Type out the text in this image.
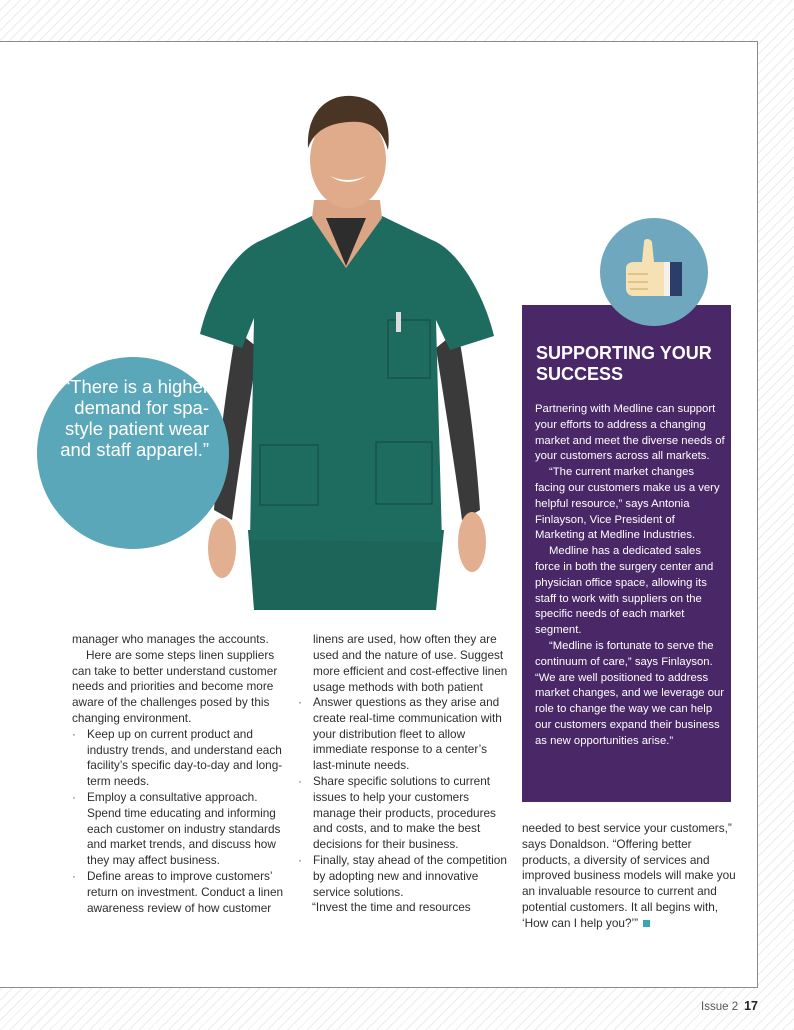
“There is a higher demand for spa-style patient wear and staff apparel.”
SUPPORTING YOUR SUCCESS

Partnering with Medline can support your efforts to address a changing market and meet the diverse needs of your customers across all markets.

“The current market changes facing our customers make us a very helpful resource,” says Antonia Finlayson, Vice President of Marketing at Medline Industries.

Medline has a dedicated sales force in both the surgery center and physician office space, allowing its staff to work with suppliers on the specific needs of each market segment.

“Medline is fortunate to serve the continuum of care,” says Finlayson. “We are well positioned to address market changes, and we leverage our role to change the way we can help our customers expand their business as new opportunities arise.”

manager who manages the accounts.

Here are some steps linen suppliers can take to better understand customer needs and priorities and become more aware of the challenges posed by this changing environment.

· Keep up on current product and industry trends, and understand each facility’s specific day-to-day and long-term needs.
· Employ a consultative approach. Spend time educating and informing each customer on industry standards and market trends, and discuss how they may affect business.
· Define areas to improve customers’ return on investment. Conduct a linen awareness review of how customer
linens are used, how often they are used and the nature of use. Suggest more efficient and cost-effective linen usage methods with both patient
· Answer questions as they arise and create real-time communication with your distribution fleet to allow immediate response to a center’s last-minute needs.
· Share specific solutions to current issues to help your customers manage their products, procedures and costs, and to make the best decisions for their business.
· Finally, stay ahead of the competition by adopting new and innovative service solutions.

“Invest the time and resources

needed to best service your customers,” says Donaldson. “Offering better products, a diversity of services and improved business models will make you an invaluable resource to current and potential customers. It all begins with, ‘How can I help you?’”

Issue 2 17
